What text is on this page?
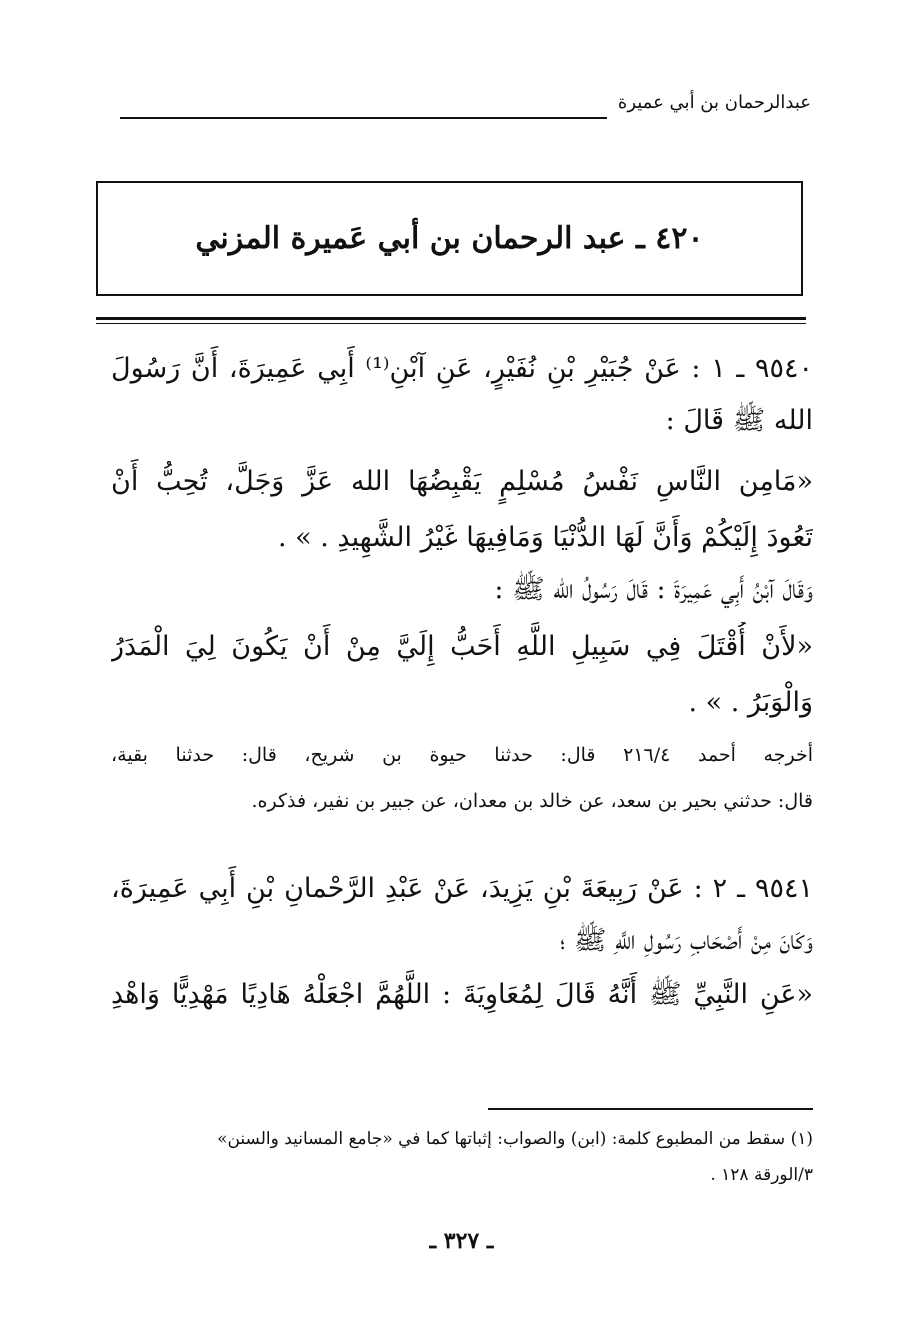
عبدالرحمان بن أبي عميرة
٤٢٠ ـ عبد الرحمان بن أبي عَميرة المزني
٩٥٤٠ ـ ١ : عَنْ جُبَيْرِ بْنِ نُفَيْرٍ، عَنِ آبْنِ⁽¹⁾ أَبِي عَمِيرَةَ، أَنَّ رَسُولَ
الله ﷺ قَالَ :
«مَامِن النَّاسِ نَفْسُ مُسْلِمٍ يَقْبِضُهَا الله عَزَّ وَجَلَّ، تُحِبُّ أَنْ
تَعُودَ إِلَيْكُمْ وَأَنَّ لَهَا الدُّنْيَا وَمَافِيهَا غَيْرُ الشَّهِيدِ . » .
وَقَالَ آبْنُ أَبِي عَمِيرَةَ : قَالَ رَسُولُ الله ﷺ :
«لأَنْ أُقْتَلَ فِي سَبِيلِ اللَّهِ أَحَبُّ إِلَيَّ مِنْ أَنْ يَكُونَ لِيَ الْمَدَرُ
وَالْوَبَرُ . » .
أخرجه أحمد ٢١٦/٤ قال: حدثنا حيوة بن شريح، قال: حدثنا بقية،
قال: حدثني بحير بن سعد، عن خالد بن معدان، عن جبير بن نفير، فذكره.
٩٥٤١ ـ ٢ : عَنْ رَبِيعَةَ بْنِ يَزِيدَ، عَنْ عَبْدِ الرَّحْمانِ بْنِ أَبِي عَمِيرَةَ،
وَكَانَ مِنْ أَصْحَابِ رَسُولِ اللَّهِ ﷺ ؛
«عَنِ النَّبِيِّ ﷺ أَنَّهُ قَالَ لِمُعَاوِيَةَ : اللَّهُمَّ اجْعَلْهُ هَادِيًا مَهْدِيًّا وَاهْدِ
(١) سقط من المطبوع كلمة: (ابن) والصواب: إثباتها كما في «جامع المسانيد والسنن»
٣/الورقة ١٢٨ .
ـ ٣٢٧ ـ
